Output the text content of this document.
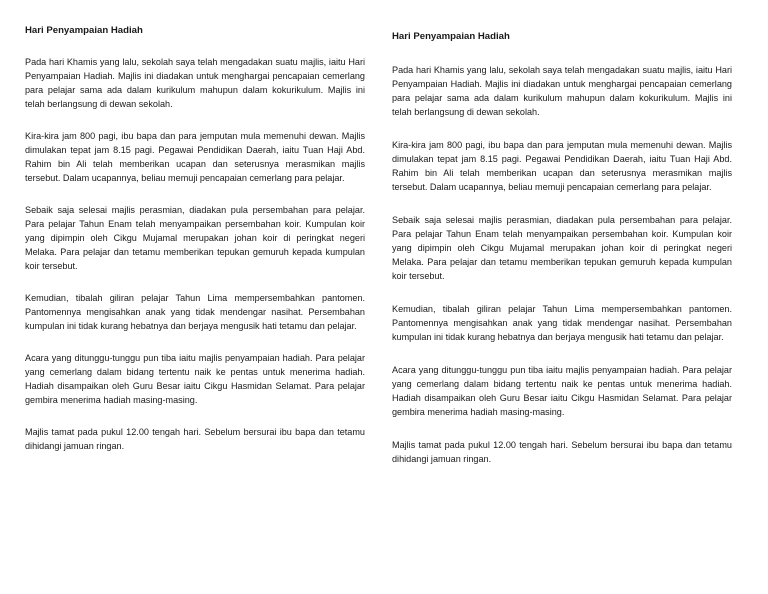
Hari Penyampaian Hadiah

Pada hari Khamis yang lalu, sekolah saya telah mengadakan suatu majlis, iaitu Hari Penyampaian Hadiah. Majlis ini diadakan untuk menghargai pencapaian cemerlang para pelajar sama ada dalam kurikulum mahupun dalam kokurikulum. Majlis ini telah berlangsung di dewan sekolah.

Kira-kira jam 800 pagi, ibu bapa dan para jemputan mula memenuhi dewan. Majlis dimulakan tepat jam 8.15 pagi. Pegawai Pendidikan Daerah, iaitu Tuan Haji Abd. Rahim bin Ali telah memberikan ucapan dan seterusnya merasmikan majlis tersebut. Dalam ucapannya, beliau memuji pencapaian cemerlang para pelajar.

Sebaik saja selesai majlis perasmian, diadakan pula persembahan para pelajar. Para pelajar Tahun Enam telah menyampaikan persembahan koir. Kumpulan koir yang dipimpin oleh Cikgu Mujamal merupakan johan koir di peringkat negeri Melaka. Para pelajar dan tetamu memberikan tepukan gemuruh kepada kumpulan koir tersebut.

Kemudian, tibalah giliran pelajar Tahun Lima mempersembahkan pantomen. Pantomennya mengisahkan anak yang tidak mendengar nasihat. Persembahan kumpulan ini tidak kurang hebatnya dan berjaya mengusik hati tetamu dan pelajar.

Acara yang ditunggu-tunggu pun tiba iaitu majlis penyampaian hadiah. Para pelajar yang cemerlang dalam bidang tertentu naik ke pentas untuk menerima hadiah. Hadiah disampaikan oleh Guru Besar iaitu Cikgu Hasmidan Selamat. Para pelajar gembira menerima hadiah masing-masing.

Majlis tamat pada pukul 12.00 tengah hari. Sebelum bersurai ibu bapa dan tetamu dihidangi jamuan ringan.

Hari Penyampaian Hadiah

Pada hari Khamis yang lalu, sekolah saya telah mengadakan suatu majlis, iaitu Hari Penyampaian Hadiah. Majlis ini diadakan untuk menghargai pencapaian cemerlang para pelajar sama ada dalam kurikulum mahupun dalam kokurikulum. Majlis ini telah berlangsung di dewan sekolah.

Kira-kira jam 800 pagi, ibu bapa dan para jemputan mula memenuhi dewan. Majlis dimulakan tepat jam 8.15 pagi. Pegawai Pendidikan Daerah, iaitu Tuan Haji Abd. Rahim bin Ali telah memberikan ucapan dan seterusnya merasmikan majlis tersebut. Dalam ucapannya, beliau memuji pencapaian cemerlang para pelajar.

Sebaik saja selesai majlis perasmian, diadakan pula persembahan para pelajar. Para pelajar Tahun Enam telah menyampaikan persembahan koir. Kumpulan koir yang dipimpin oleh Cikgu Mujamal merupakan johan koir di peringkat negeri Melaka. Para pelajar dan tetamu memberikan tepukan gemuruh kepada kumpulan koir tersebut.

Kemudian, tibalah giliran pelajar Tahun Lima mempersembahkan pantomen. Pantomennya mengisahkan anak yang tidak mendengar nasihat. Persembahan kumpulan ini tidak kurang hebatnya dan berjaya mengusik hati tetamu dan pelajar.

Acara yang ditunggu-tunggu pun tiba iaitu majlis penyampaian hadiah. Para pelajar yang cemerlang dalam bidang tertentu naik ke pentas untuk menerima hadiah. Hadiah disampaikan oleh Guru Besar iaitu Cikgu Hasmidan Selamat. Para pelajar gembira menerima hadiah masing-masing.

Majlis tamat pada pukul 12.00 tengah hari. Sebelum bersurai ibu bapa dan tetamu dihidangi jamuan ringan.
